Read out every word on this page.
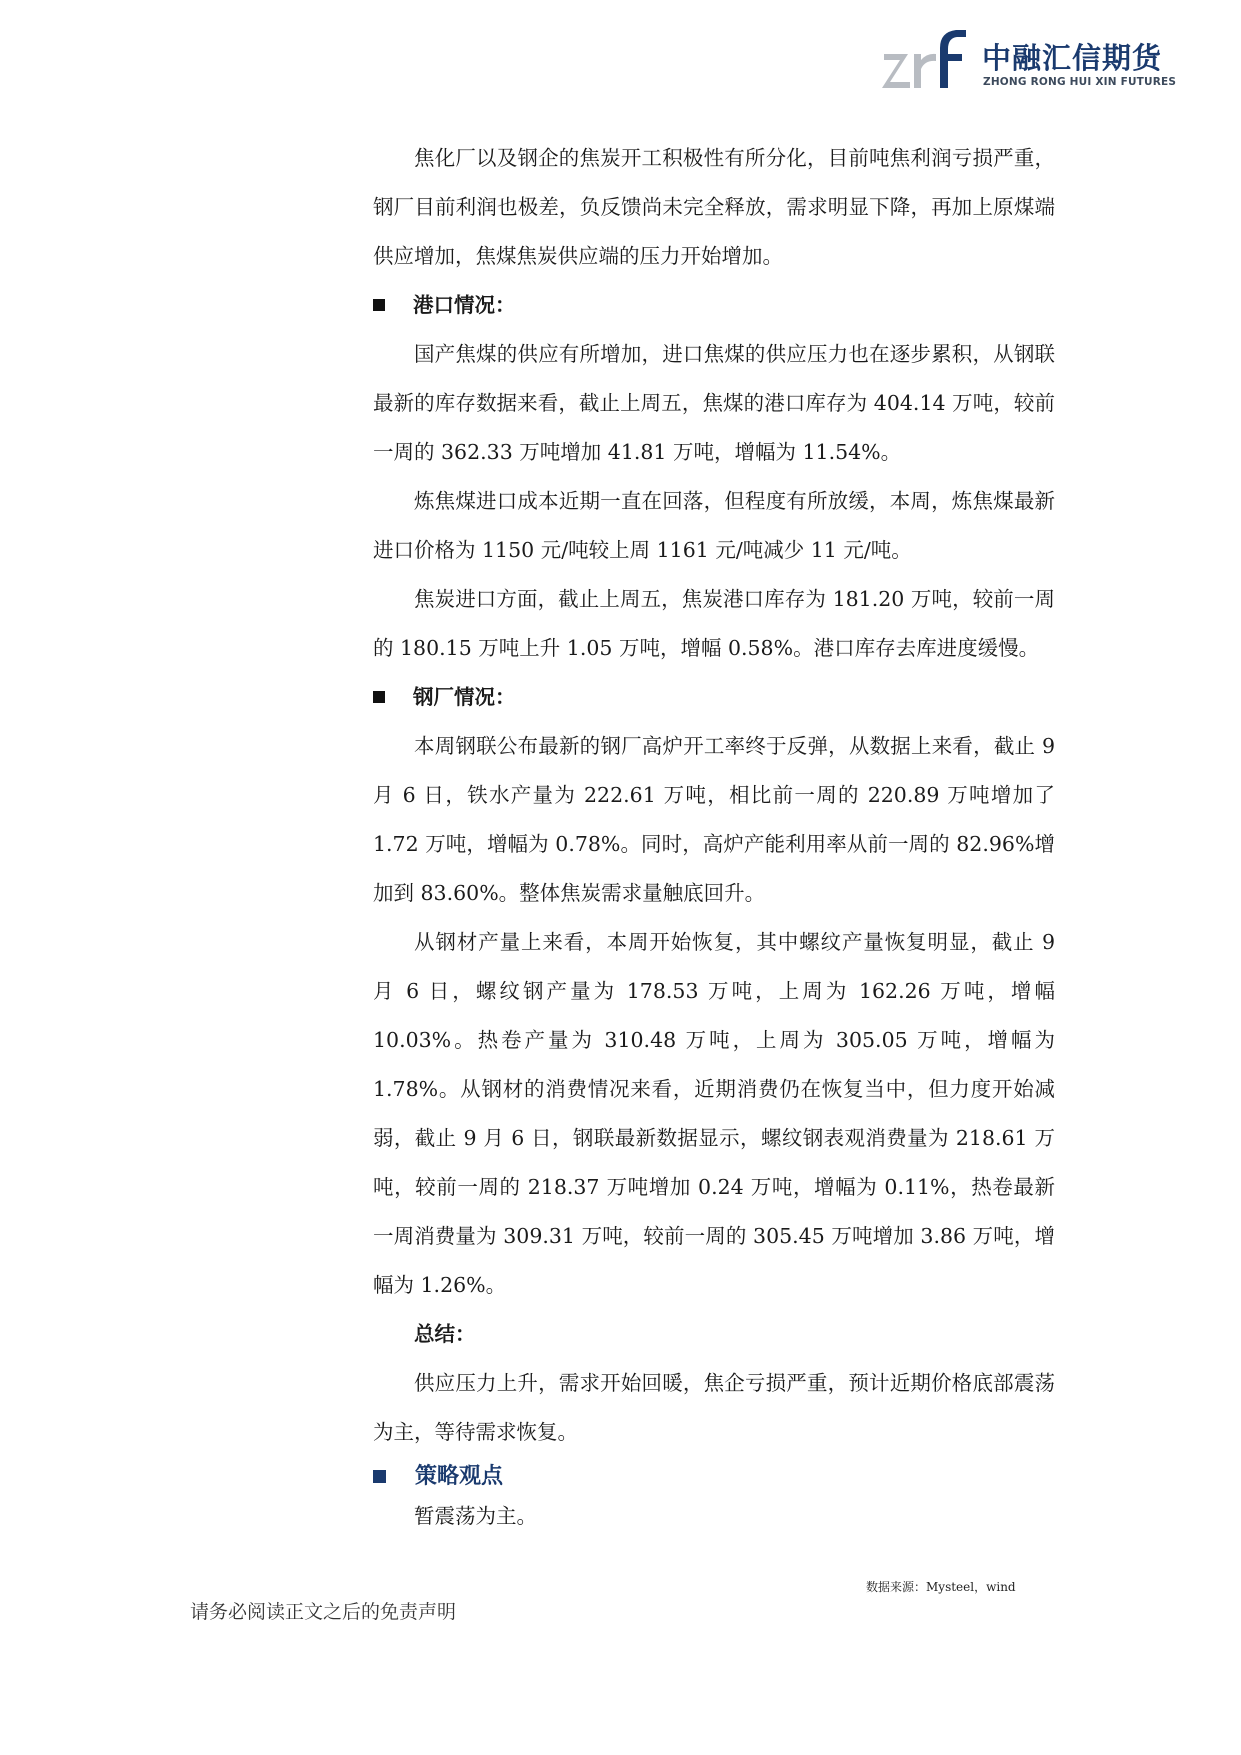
中融汇信期货
ZHONG RONG HUI XIN FUTURES

焦化厂以及钢企的焦炭开工积极性有所分化，目前吨焦利润亏损严重，钢厂目前利润也极差，负反馈尚未完全释放，需求明显下降，再加上原煤端供应增加，焦煤焦炭供应端的压力开始增加。

港口情况：

国产焦煤的供应有所增加，进口焦煤的供应压力也在逐步累积，从钢联最新的库存数据来看，截止上周五，焦煤的港口库存为 404.14 万吨，较前一周的 362.33 万吨增加 41.81 万吨，增幅为 11.54%。

炼焦煤进口成本近期一直在回落，但程度有所放缓，本周，炼焦煤最新进口价格为 1150 元/吨较上周 1161 元/吨减少 11 元/吨。

焦炭进口方面，截止上周五，焦炭港口库存为 181.20 万吨，较前一周的 180.15 万吨上升 1.05 万吨，增幅 0.58%。港口库存去库进度缓慢。

钢厂情况：

本周钢联公布最新的钢厂高炉开工率终于反弹，从数据上来看，截止 9 月 6 日，铁水产量为 222.61 万吨，相比前一周的 220.89 万吨增加了 1.72 万吨，增幅为 0.78%。同时，高炉产能利用率从前一周的 82.96%增加到 83.60%。整体焦炭需求量触底回升。

从钢材产量上来看，本周开始恢复，其中螺纹产量恢复明显，截止 9 月 6 日，螺纹钢产量为 178.53 万吨，上周为 162.26 万吨，增幅 10.03%。热卷产量为 310.48 万吨，上周为 305.05 万吨，增幅为 1.78%。从钢材的消费情况来看，近期消费仍在恢复当中，但力度开始减弱，截止 9 月 6 日，钢联最新数据显示，螺纹钢表观消费量为 218.61 万吨，较前一周的 218.37 万吨增加 0.24 万吨，增幅为 0.11%，热卷最新一周消费量为 309.31 万吨，较前一周的 305.45 万吨增加 3.86 万吨，增幅为 1.26%。

总结：

供应压力上升，需求开始回暖，焦企亏损严重，预计近期价格底部震荡为主，等待需求恢复。

策略观点
暂震荡为主。
数据来源：Mysteel，wind
请务必阅读正文之后的免责声明
